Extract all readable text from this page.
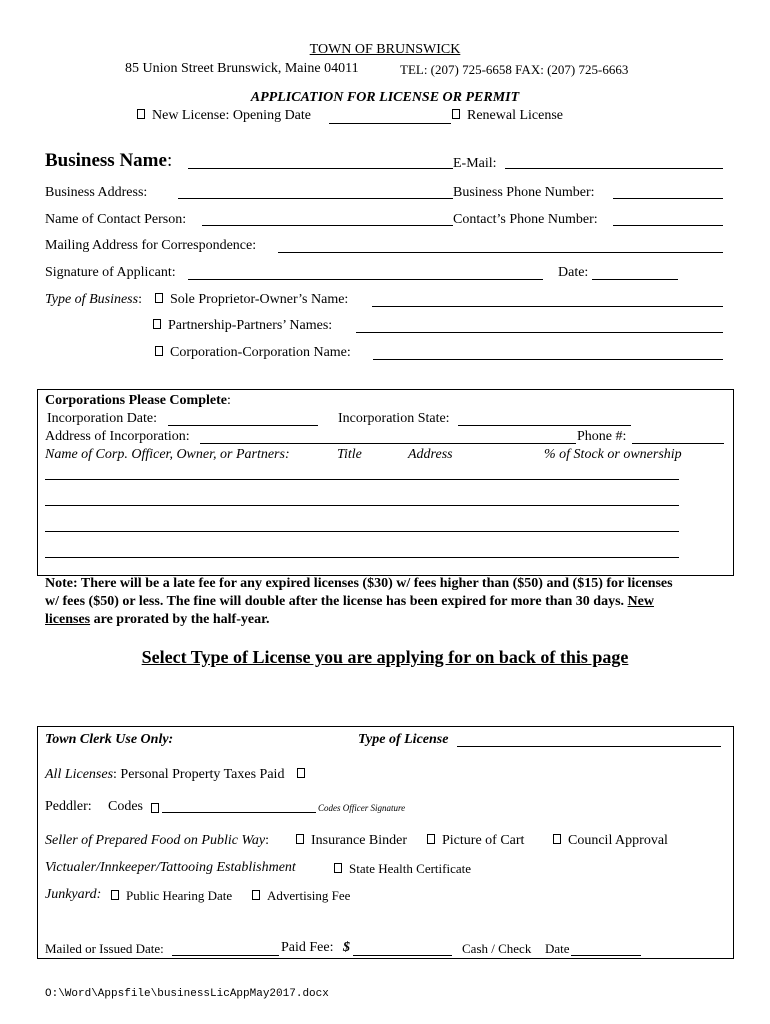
TOWN OF BRUNSWICK
85 Union Street Brunswick, Maine 04011	TEL: (207) 725-6658 FAX: (207) 725-6663
APPLICATION FOR LICENSE OR PERMIT
New License: Opening Date	Renewal License
Business Name:	E-Mail:
Business Address:	Business Phone Number:
Name of Contact Person:	Contact’s Phone Number:
Mailing Address for Correspondence:
Signature of Applicant:	Date:
Type of Business:	Sole Proprietor-Owner’s Name:
Partnership-Partners’ Names:
Corporation-Corporation Name:
Corporations Please Complete:
Incorporation Date:	Incorporation State:
Address of Incorporation:	Phone #:
Name of Corp. Officer, Owner, or Partners:	Title	Address	% of Stock or ownership
Note: There will be a late fee for any expired licenses ($30) w/ fees higher than ($50) and ($15) for licenses
w/ fees ($50) or less. The fine will double after the license has been expired for more than 30 days. New
licenses are prorated by the half-year.
Select Type of License you are applying for on back of this page
Town Clerk Use Only:	Type of License
All Licenses: Personal Property Taxes Paid
Peddler: Codes	Codes Officer Signature
Seller of Prepared Food on Public Way:	Insurance Binder	Picture of Cart	Council Approval
Victualer/Innkeeper/Tattooing Establishment	State Health Certificate
Junkyard:	Public Hearing Date	Advertising Fee
Mailed or Issued Date:	Paid Fee: $	Cash / Check Date
O:\Word\Appsfile\businessLicAppMay2017.docx
